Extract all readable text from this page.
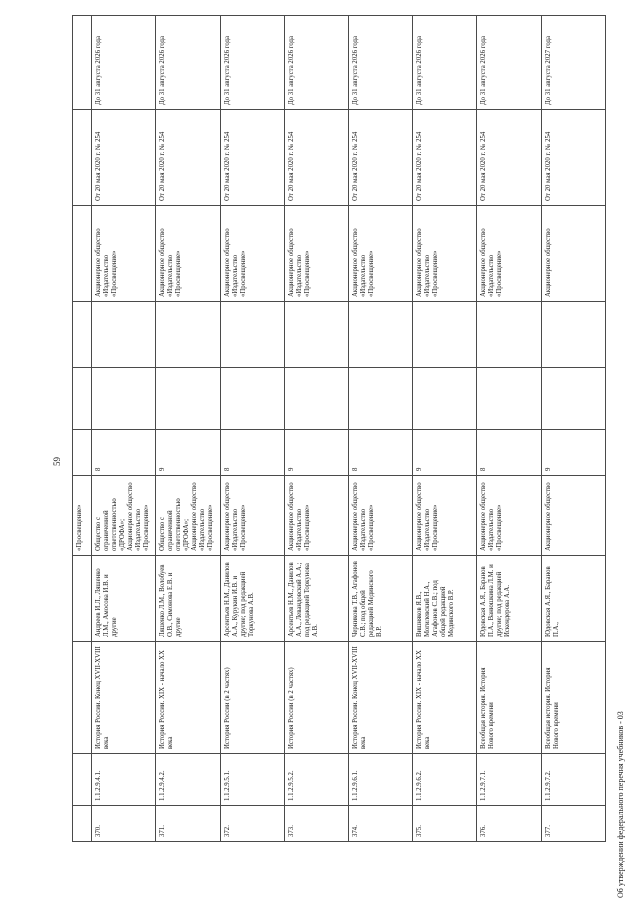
59
				«Просвещение»						
370.	1.1.2.9.4.1.	История России. Конец XVII-XVIII века	Андреев И.Л., Ляшенко Л.М., Амосова И.В. и другие	Общество с ограниченной ответственностью «ДРОФА»; Акционерное общество «Издательство «Просвещение»	8			Акционерное общество «Издательство «Просвещение»	От 20 мая 2020 г. № 254	До 31 августа 2026 года
371.	1.1.2.9.4.2.	История России. XIX - начало XX века	Ляшенко Л.М., Волобуев О.В., Симонова Е.В. и другие	Общество с ограниченной ответственностью «ДРОФА»; Акционерное общество «Издательство «Просвещение»	9			Акционерное общество «Издательство «Просвещение»	От 20 мая 2020 г. № 254	До 31 августа 2026 года
372.	1.1.2.9.5.1.	История России (в 2 частях)	Арсентьев Н.М., Данилов А.А., Курукин И.В. и другие; под редакцией Торкунова А.В.	Акционерное общество «Издательство «Просвещение»	8			Акционерное общество «Издательство «Просвещение»	От 20 мая 2020 г. № 254	До 31 августа 2026 года
373.	1.1.2.9.5.2.	История России (в 2 частях)	Арсентьев Н.М., Данилов А.А., Левандовский А.А.; под редакцией Торкунова А.В.	Акционерное общество «Издательство «Просвещение»	9			Акционерное общество «Издательство «Просвещение»	От 20 мая 2020 г. № 254	До 31 августа 2026 года
374.	1.1.2.9.6.1.	История России. Конец XVII-XVIII века	Черникова Т.В., Агафонов С.В.; под общей редакцией Мединского В.Р.	Акционерное общество «Издательство «Просвещение»	8			Акционерное общество «Издательство «Просвещение»	От 20 мая 2020 г. № 254	До 31 августа 2026 года
375.	1.1.2.9.6.2.	История России. XIX - начало XX века	Вишняков Я.В., Могилевский Н.А., Агафонов С.В.; под общей редакцией Мединского В.Р.	Акционерное общество «Издательство «Просвещение»	9			Акционерное общество «Издательство «Просвещение»	От 20 мая 2020 г. № 254	До 31 августа 2026 года
376.	1.1.2.9.7.1.	Всеобщая история. История Нового времени	Юдовская А.Я., Баранов П.А., Ванюшкина Л.М. и другие; под редакцией Искендерова А.А.	Акционерное общество «Издательство «Просвещение»	8			Акционерное общество «Издательство «Просвещение»	От 20 мая 2020 г. № 254	До 31 августа 2026 года
377.	1.1.2.9.7.2.	Всеобщая история. История Нового времени	Юдовская А.Я., Баранов П.А.,	Акционерное общество	9			Акционерное общество	От 20 мая 2020 г. № 254	До 31 августа 2027 года
Об утверждении федерального перечня учебников - 03
